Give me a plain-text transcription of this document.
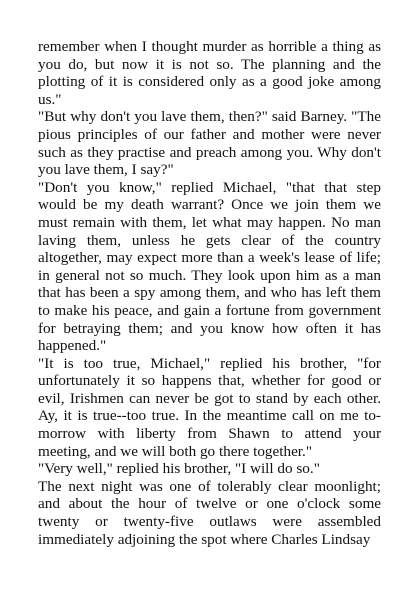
remember when I thought murder as horrible a thing as you do, but now it is not so. The planning and the plotting of it is considered only as a good joke among us."

"But why don't you lave them, then?" said Barney. "The pious principles of our father and mother were never such as they practise and preach among you. Why don't you lave them, I say?"

"Don't you know," replied Michael, "that that step would be my death warrant? Once we join them we must remain with them, let what may happen. No man laving them, unless he gets clear of the country altogether, may expect more than a week's lease of life; in general not so much. They look upon him as a man that has been a spy among them, and who has left them to make his peace, and gain a fortune from government for betraying them; and you know how often it has happened."

"It is too true, Michael," replied his brother, "for unfortunately it so happens that, whether for good or evil, Irishmen can never be got to stand by each other. Ay, it is true--too true. In the meantime call on me to-morrow with liberty from Shawn to attend your meeting, and we will both go there together."

"Very well," replied his brother, "I will do so."

The next night was one of tolerably clear moonlight; and about the hour of twelve or one o'clock some twenty or twenty-five outlaws were assembled immediately adjoining the spot where Charles Lindsay
